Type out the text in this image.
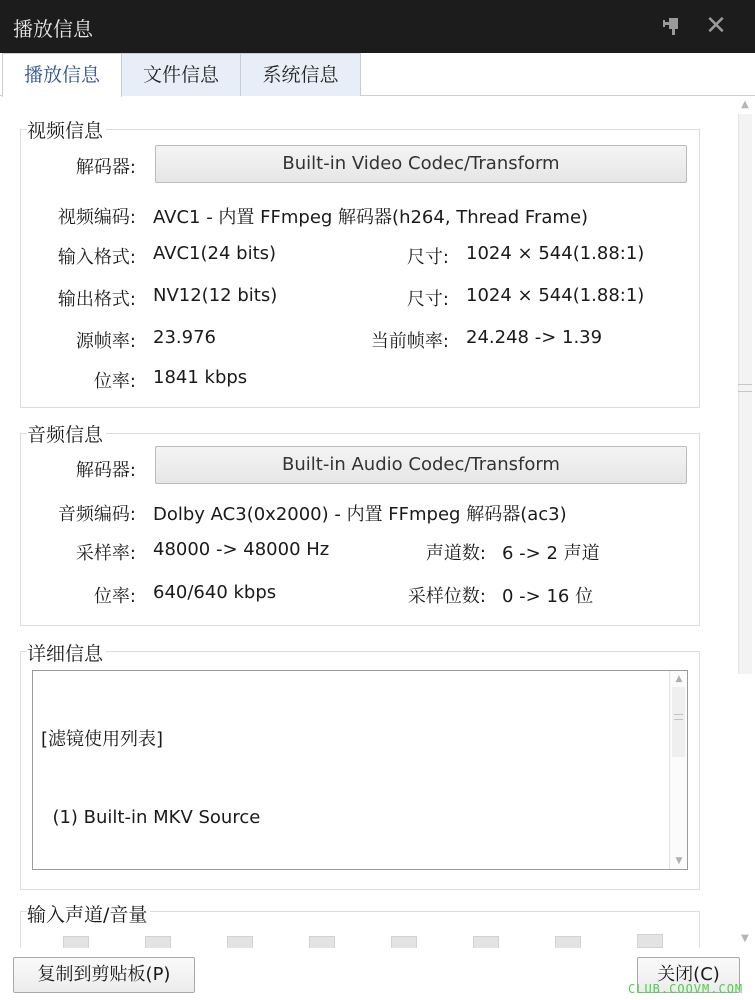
播放信息	✕
播放信息	文件信息	系统信息
视频信息
解码器:	Built-in Video Codec/Transform
视频编码: AVC1 - 内置 FFmpeg 解码器(h264, Thread Frame)
输入格式: AVC1(24 bits)	尺寸: 1024 × 544(1.88:1)
输出格式: NV12(12 bits)	尺寸: 1024 × 544(1.88:1)
源帧率: 23.976	当前帧率: 24.248 -> 1.39
位率: 1841 kbps
音频信息
解码器:	Built-in Audio Codec/Transform
音频编码: Dolby AC3(0x2000) - 内置 FFmpeg 解码器(ac3)
采样率: 48000 -> 48000 Hz	声道数: 6 -> 2 声道
位率: 640/640 kbps	采样位数: 0 -> 16 位
详细信息

[滤镜使用列表]

(1) Built-in MKV Source

▲
▼
输入声道/音量
▲
▼
复制到剪贴板(P)	关闭(C)
CLUB.COOVM.COM
